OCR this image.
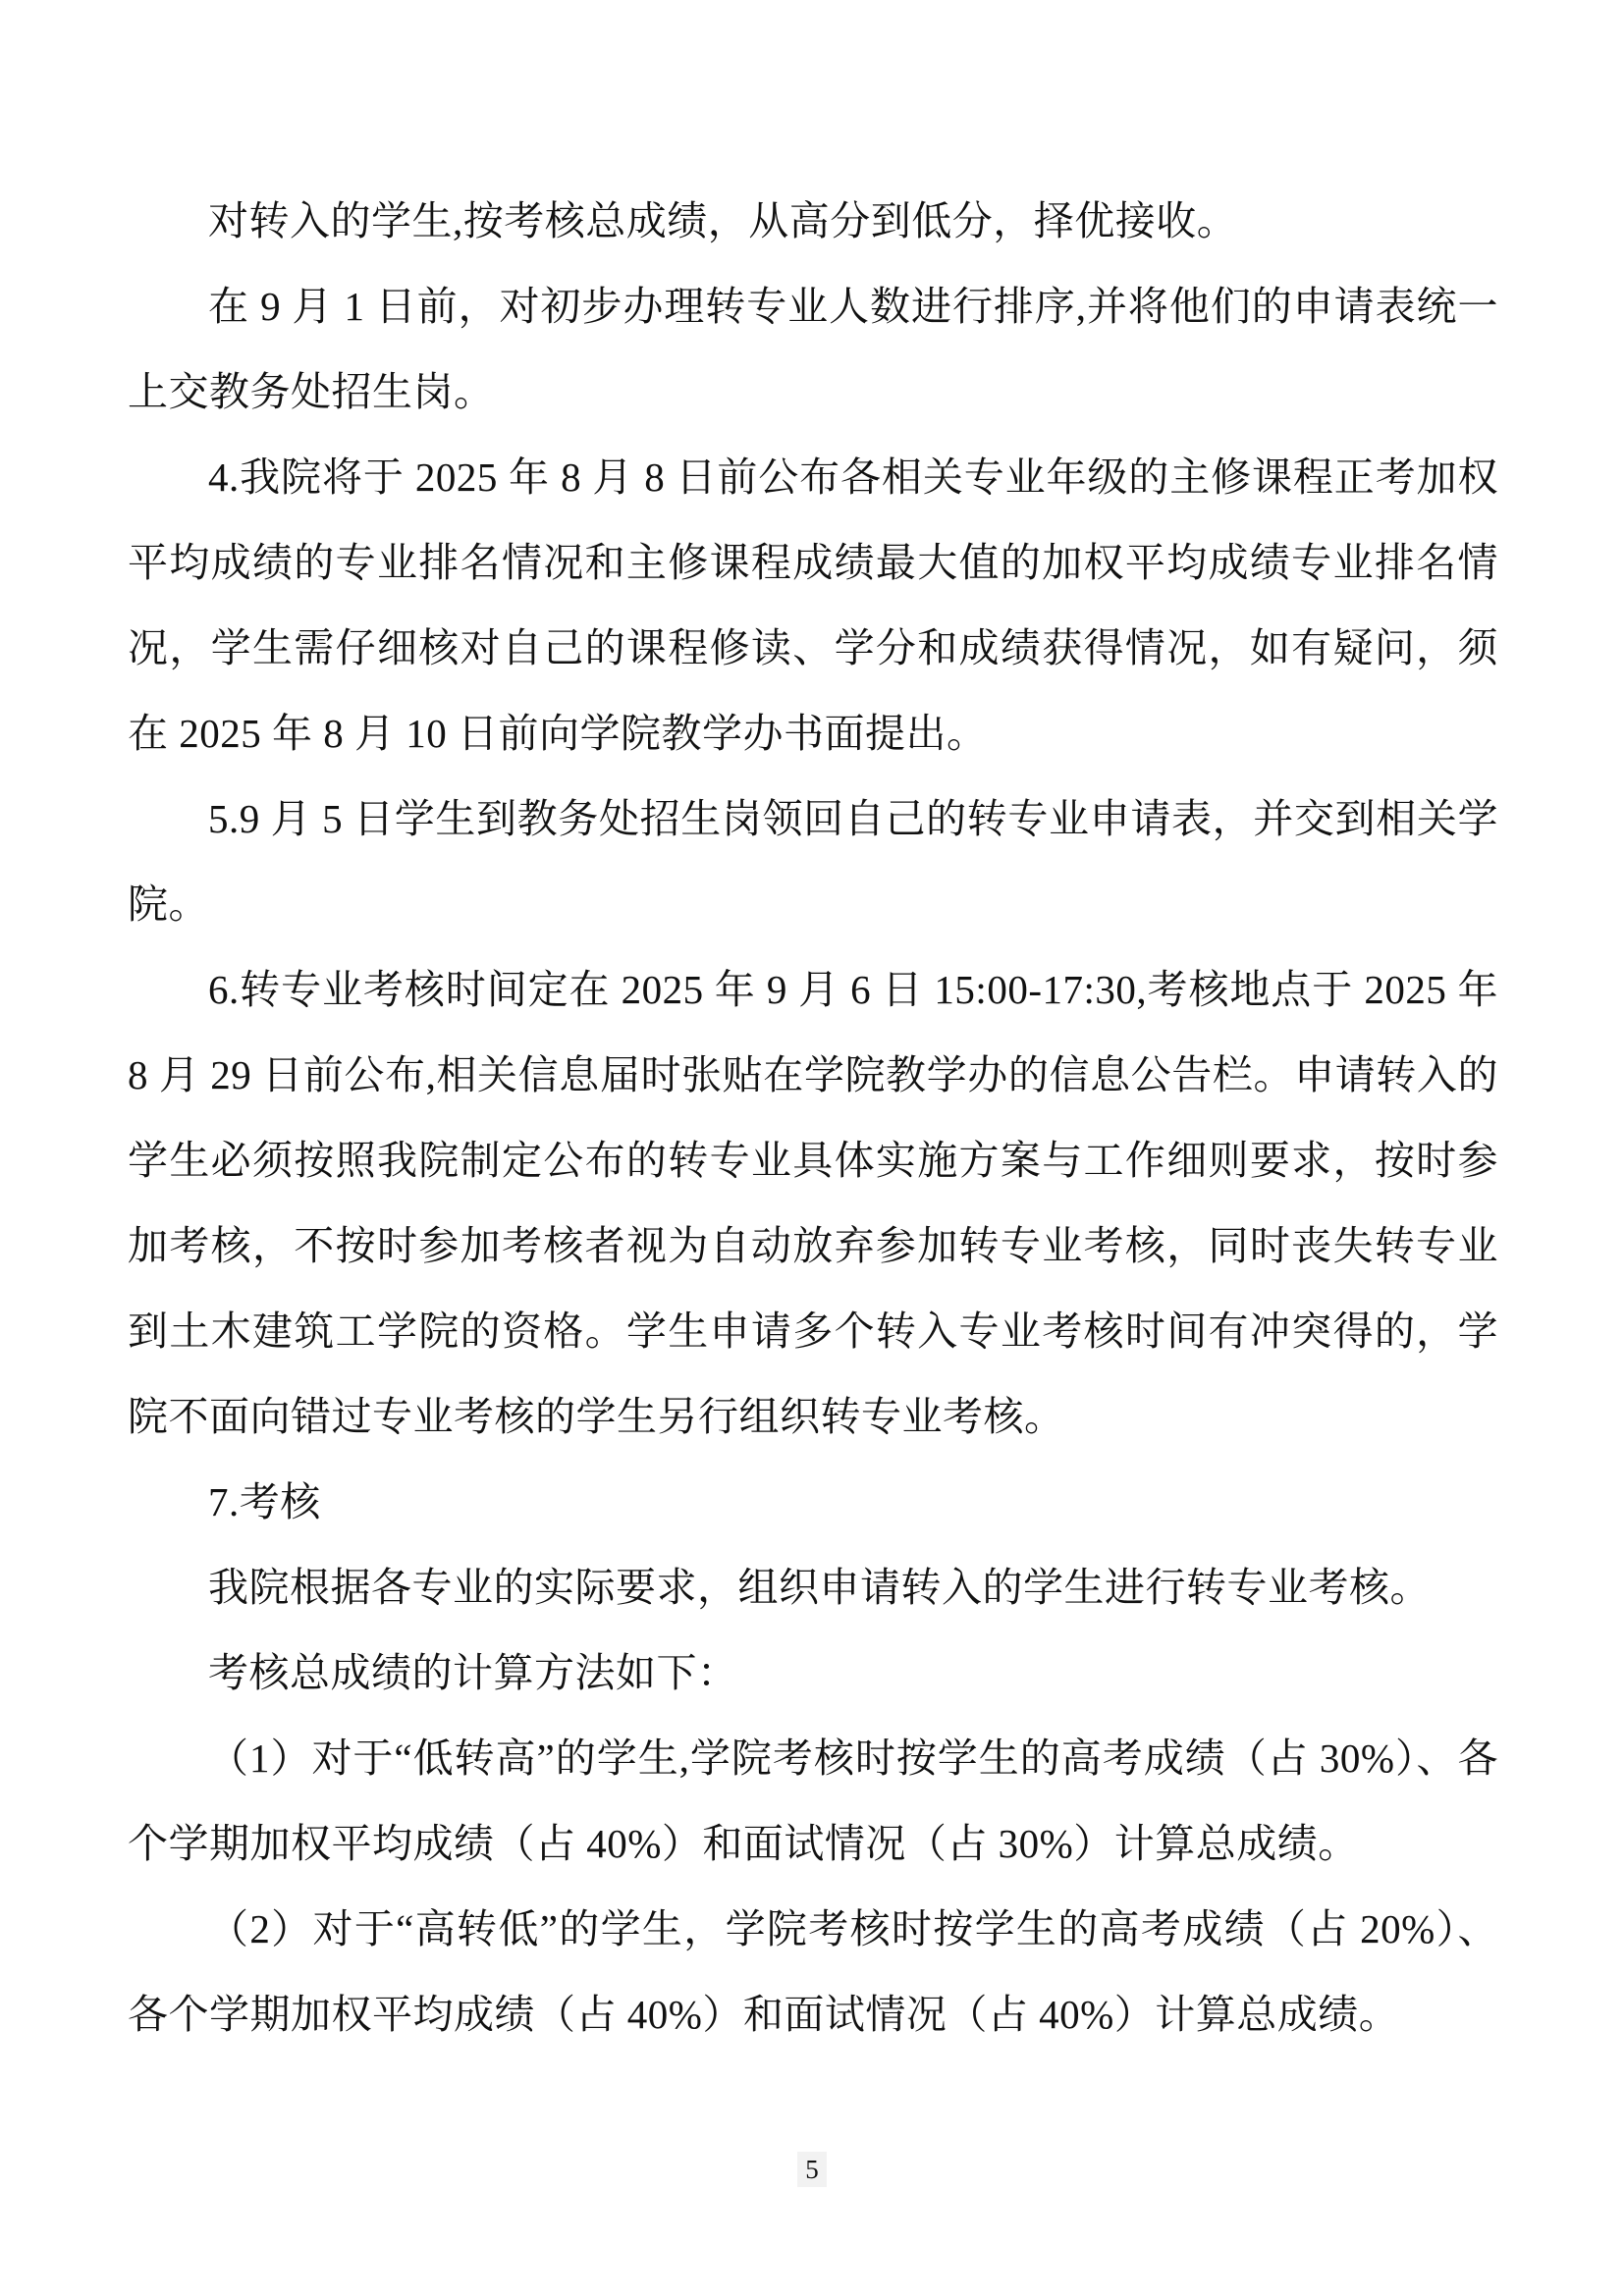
对转入的学生,按考核总成绩，从高分到低分，择优接收。

在 9 月 1 日前，对初步办理转专业人数进行排序,并将他们的申请表统一上交教务处招生岗。

4.我院将于 2025 年 8 月 8 日前公布各相关专业年级的主修课程正考加权平均成绩的专业排名情况和主修课程成绩最大值的加权平均成绩专业排名情况，学生需仔细核对自己的课程修读、学分和成绩获得情况，如有疑问，须在 2025 年 8 月 10 日前向学院教学办书面提出。

5.9 月 5 日学生到教务处招生岗领回自己的转专业申请表，并交到相关学院。

6.转专业考核时间定在 2025 年 9 月 6 日 15:00-17:30,考核地点于 2025 年 8 月 29 日前公布,相关信息届时张贴在学院教学办的信息公告栏。申请转入的学生必须按照我院制定公布的转专业具体实施方案与工作细则要求，按时参加考核，不按时参加考核者视为自动放弃参加转专业考核，同时丧失转专业到土木建筑工学院的资格。学生申请多个转入专业考核时间有冲突得的，学院不面向错过专业考核的学生另行组织转专业考核。

7.考核

我院根据各专业的实际要求，组织申请转入的学生进行转专业考核。

考核总成绩的计算方法如下：

（1）对于“低转高”的学生,学院考核时按学生的高考成绩（占 30%）、各个学期加权平均成绩（占 40%）和面试情况（占 30%）计算总成绩。

（2）对于“高转低”的学生，学院考核时按学生的高考成绩（占 20%）、各个学期加权平均成绩（占 40%）和面试情况（占 40%）计算总成绩。

5
